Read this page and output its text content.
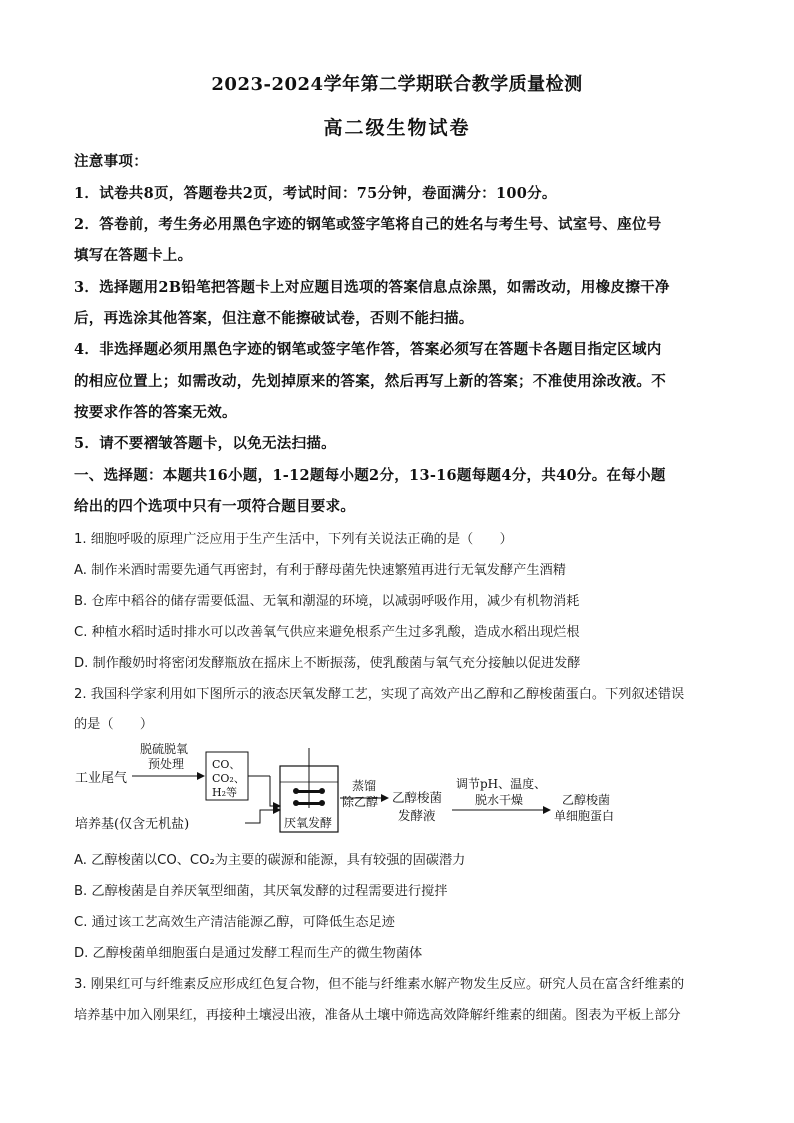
2023-2024学年第二学期联合教学质量检测
高二级生物试卷
注意事项：
1．试卷共8页，答题卷共2页，考试时间：75分钟，卷面满分：100分。
2．答卷前，考生务必用黑色字迹的钢笔或签字笔将自己的姓名与考生号、试室号、座位号
填写在答题卡上。
3．选择题用2B铅笔把答题卡上对应题目选项的答案信息点涂黑，如需改动，用橡皮擦干净
后，再选涂其他答案，但注意不能擦破试卷，否则不能扫描。
4．非选择题必须用黑色字迹的钢笔或签字笔作答，答案必须写在答题卡各题目指定区域内
的相应位置上；如需改动，先划掉原来的答案，然后再写上新的答案；不准使用涂改液。不
按要求作答的答案无效。
5．请不要褶皱答题卡，以免无法扫描。
一、选择题：本题共16小题，1-12题每小题2分，13-16题每题4分，共40分。在每小题
给出的四个选项中只有一项符合题目要求。
1. 细胞呼吸的原理广泛应用于生产生活中，下列有关说法正确的是（　　）
A. 制作米酒时需要先通气再密封，有利于酵母菌先快速繁殖再进行无氧发酵产生酒精
B. 仓库中稻谷的储存需要低温、无氧和潮湿的环境，以减弱呼吸作用，减少有机物消耗
C. 种植水稻时适时排水可以改善氧气供应来避免根系产生过多乳酸，造成水稻出现烂根
D. 制作酸奶时将密闭发酵瓶放在摇床上不断振荡，使乳酸菌与氧气充分接触以促进发酵
2. 我国科学家利用如下图所示的液态厌氧发酵工艺，实现了高效产出乙醇和乙醇梭菌蛋白。下列叙述错误
的是（　　）
工业尾气
脱硫脱氧
预处理	CO、
CO₂、
H₂等
培养基(仅含无机盐)	厌氧发酵
蒸馏
除乙醇 乙醇梭菌
发酵液
调节pH、温度、
脱水干燥	乙醇梭菌
单细胞蛋白
A. 乙醇梭菌以CO、CO₂为主要的碳源和能源，具有较强的固碳潜力
B. 乙醇梭菌是自养厌氧型细菌，其厌氧发酵的过程需要进行搅拌
C. 通过该工艺高效生产清洁能源乙醇，可降低生态足迹
D. 乙醇梭菌单细胞蛋白是通过发酵工程而生产的微生物菌体
3. 刚果红可与纤维素反应形成红色复合物，但不能与纤维素水解产物发生反应。研究人员在富含纤维素的
培养基中加入刚果红，再接种土壤浸出液，准备从土壤中筛选高效降解纤维素的细菌。图表为平板上部分
